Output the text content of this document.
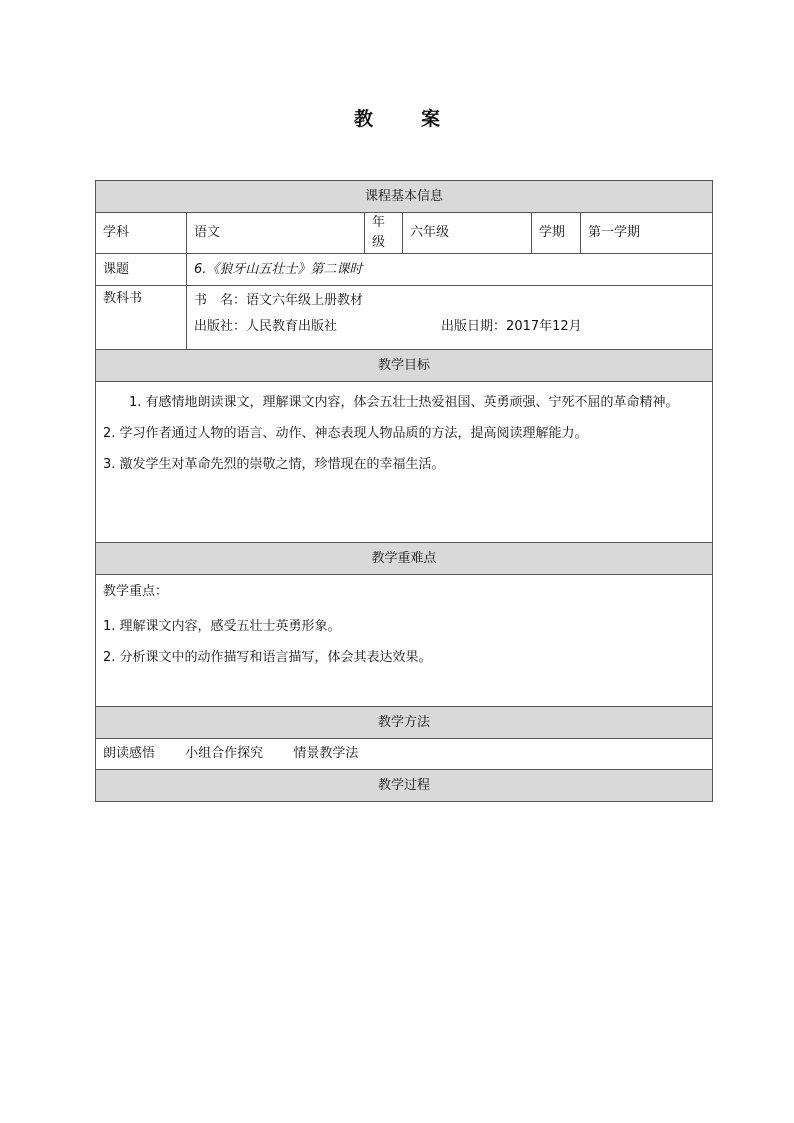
教	案
课程基本信息					
学科	语文	年级	六年级	学期	第一学期
课题	6.《狼牙山五壮士》第二课时				
教科书	书　名：语文六年级上册教材
出版社：人民教育出版社 出版日期：2017年12月				

教学目标					

1. 有感情地朗读课文，理解课文内容，体会五壮士热爱祖国、英勇顽强、宁死不屈的革命精神。

2. 学习作者通过人物的语言、动作、神态表现人物品质的方法，提高阅读理解能力。

3. 激发学生对革命先烈的崇敬之情，珍惜现在的幸福生活。					

教学重难点					

教学重点：
1. 理解课文内容，感受五壮士英勇形象。
2. 分析课文中的动作描写和语言描写，体会其表达效果。					

教学方法					
朗读感悟 小组合作探究 情景教学法					
教学过程					
